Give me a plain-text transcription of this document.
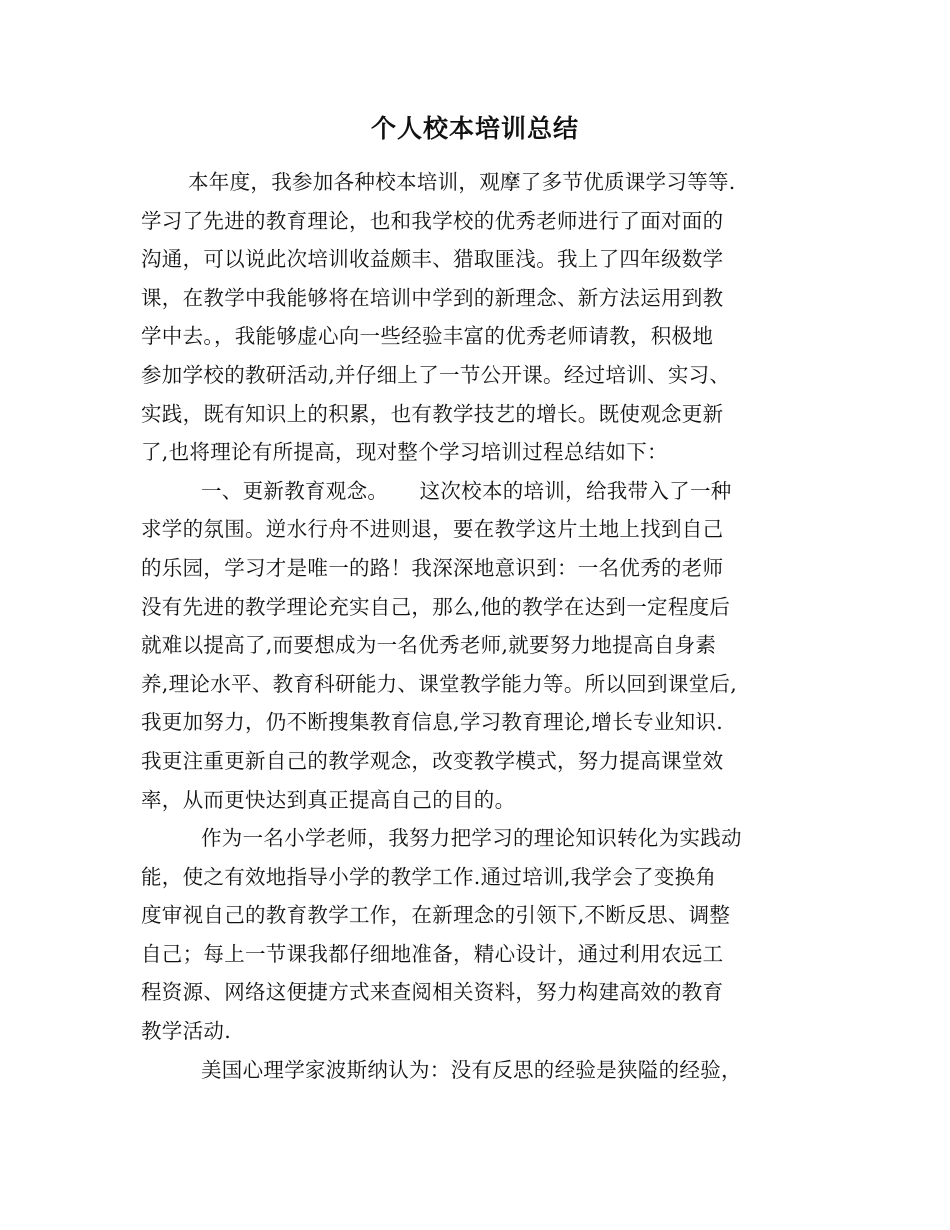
个人校本培训总结
本年度，我参加各种校本培训，观摩了多节优质课学习等等.
学习了先进的教育理论，也和我学校的优秀老师进行了面对面的
沟通，可以说此次培训收益颇丰、猎取匪浅。我上了四年级数学
课，在教学中我能够将在培训中学到的新理念、新方法运用到教
学中去。，我能够虚心向一些经验丰富的优秀老师请教，积极地
参加学校的教研活动,并仔细上了一节公开课。经过培训、实习、
实践，既有知识上的积累，也有教学技艺的增长。既使观念更新
了,也将理论有所提高，现对整个学习培训过程总结如下：
一、更新教育观念。　　这次校本的培训，给我带入了一种
求学的氛围。逆水行舟不进则退，要在教学这片土地上找到自己
的乐园，学习才是唯一的路！我深深地意识到：一名优秀的老师
没有先进的教学理论充实自己，那么,他的教学在达到一定程度后
就难以提高了,而要想成为一名优秀老师,就要努力地提高自身素
养,理论水平、教育科研能力、课堂教学能力等。所以回到课堂后,
我更加努力，仍不断搜集教育信息,学习教育理论,增长专业知识.
我更注重更新自己的教学观念，改变教学模式，努力提高课堂效
率，从而更快达到真正提高自己的目的。
作为一名小学老师，我努力把学习的理论知识转化为实践动
能，使之有效地指导小学的教学工作.通过培训,我学会了变换角
度审视自己的教育教学工作，在新理念的引领下,不断反思、调整
自己；每上一节课我都仔细地准备，精心设计，通过利用农远工
程资源、网络这便捷方式来查阅相关资料，努力构建高效的教育
教学活动.
美国心理学家波斯纳认为：没有反思的经验是狭隘的经验，
